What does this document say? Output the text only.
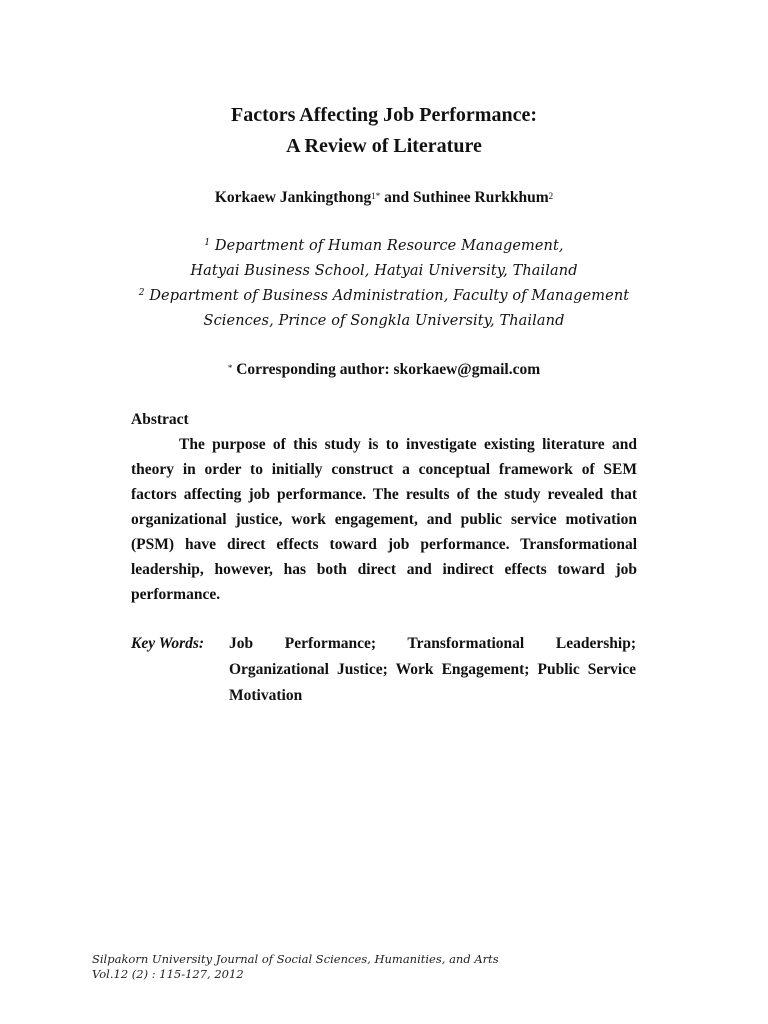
Factors Affecting Job Performance:
A Review of Literature
Korkaew Jankingthong$^{1*}$ and Suthinee Rurkkhum$^2$
$^1$ Department of Human Resource Management,
Hatyai Business School, Hatyai University, Thailand
$^2$ Department of Business Administration, Faculty of Management
Sciences, Prince of Songkla University, Thailand
* Corresponding author: skorkaew@gmail.com
Abstract

The purpose of this study is to investigate existing literature and theory in order to initially construct a conceptual framework of SEM factors affecting job performance. The results of the study revealed that organizational justice, work engagement, and public service motivation (PSM) have direct effects toward job performance. Transformational leadership, however, has both direct and indirect effects toward job performance.

Key Words: Job Performance; Transformational Leadership;
Organizational Justice; Work Engagement; Public Service Motivation

Silpakorn University Journal of Social Sciences, Humanities, and Arts
Vol.12 (2) : 115-127, 2012
